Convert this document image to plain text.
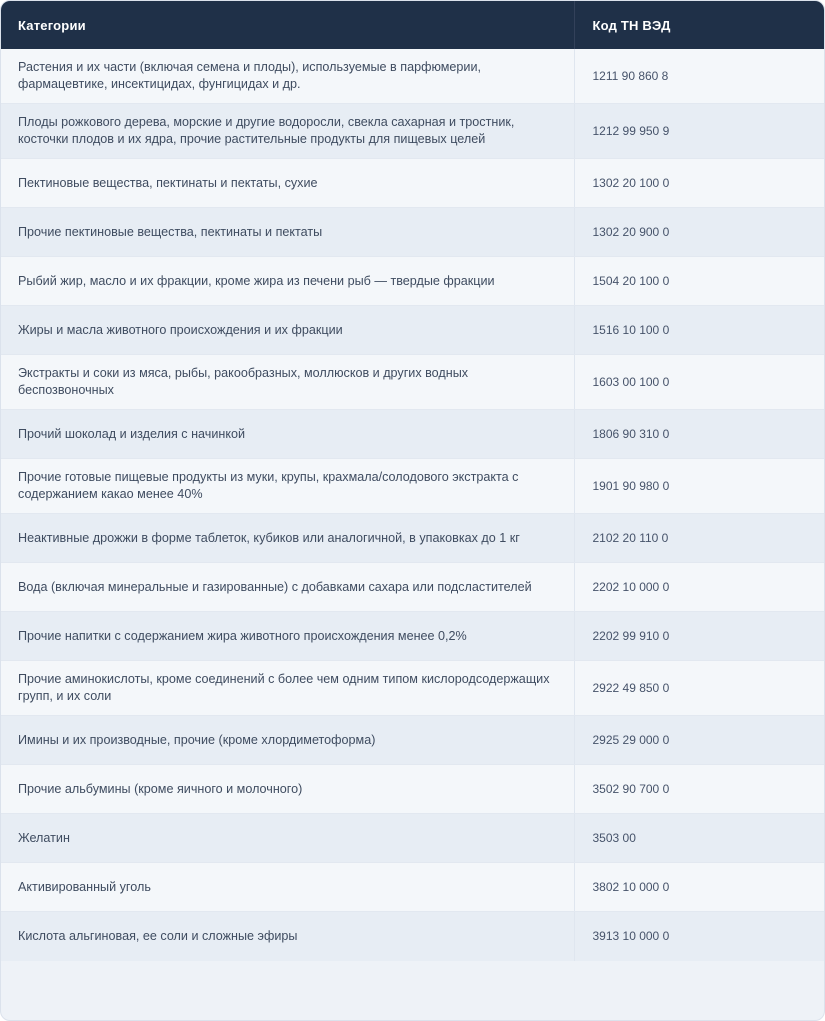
Категории	Код ТН ВЭД
Растения и их части (включая семена и плоды), используемые в парфюмерии, фармацевтике, инсектицидах, фунгицидах и др.	1211 90 860 8
Плоды рожкового дерева, морские и другие водоросли, свекла сахарная и тростник, косточки плодов и их ядра, прочие растительные продукты для пищевых целей	1212 99 950 9
Пектиновые вещества, пектинаты и пектаты, сухие	1302 20 100 0
Прочие пектиновые вещества, пектинаты и пектаты	1302 20 900 0
Рыбий жир, масло и их фракции, кроме жира из печени рыб — твердые фракции	1504 20 100 0
Жиры и масла животного происхождения и их фракции	1516 10 100 0
Экстракты и соки из мяса, рыбы, ракообразных, моллюсков и других водных беспозвоночных	1603 00 100 0
Прочий шоколад и изделия с начинкой	1806 90 310 0
Прочие готовые пищевые продукты из муки, крупы, крахмала/солодового экстракта с содержанием какао менее 40%	1901 90 980 0
Неактивные дрожжи в форме таблеток, кубиков или аналогичной, в упаковках до 1 кг	2102 20 110 0
Вода (включая минеральные и газированные) с добавками сахара или подсластителей	2202 10 000 0
Прочие напитки с содержанием жира животного происхождения менее 0,2%	2202 99 910 0
Прочие аминокислоты, кроме соединений с более чем одним типом кислородсодержащих групп, и их соли	2922 49 850 0
Имины и их производные, прочие (кроме хлордиметоформа)	2925 29 000 0
Прочие альбумины (кроме яичного и молочного)	3502 90 700 0
Желатин	3503 00
Активированный уголь	3802 10 000 0
Кислота альгиновая, ее соли и сложные эфиры	3913 10 000 0
